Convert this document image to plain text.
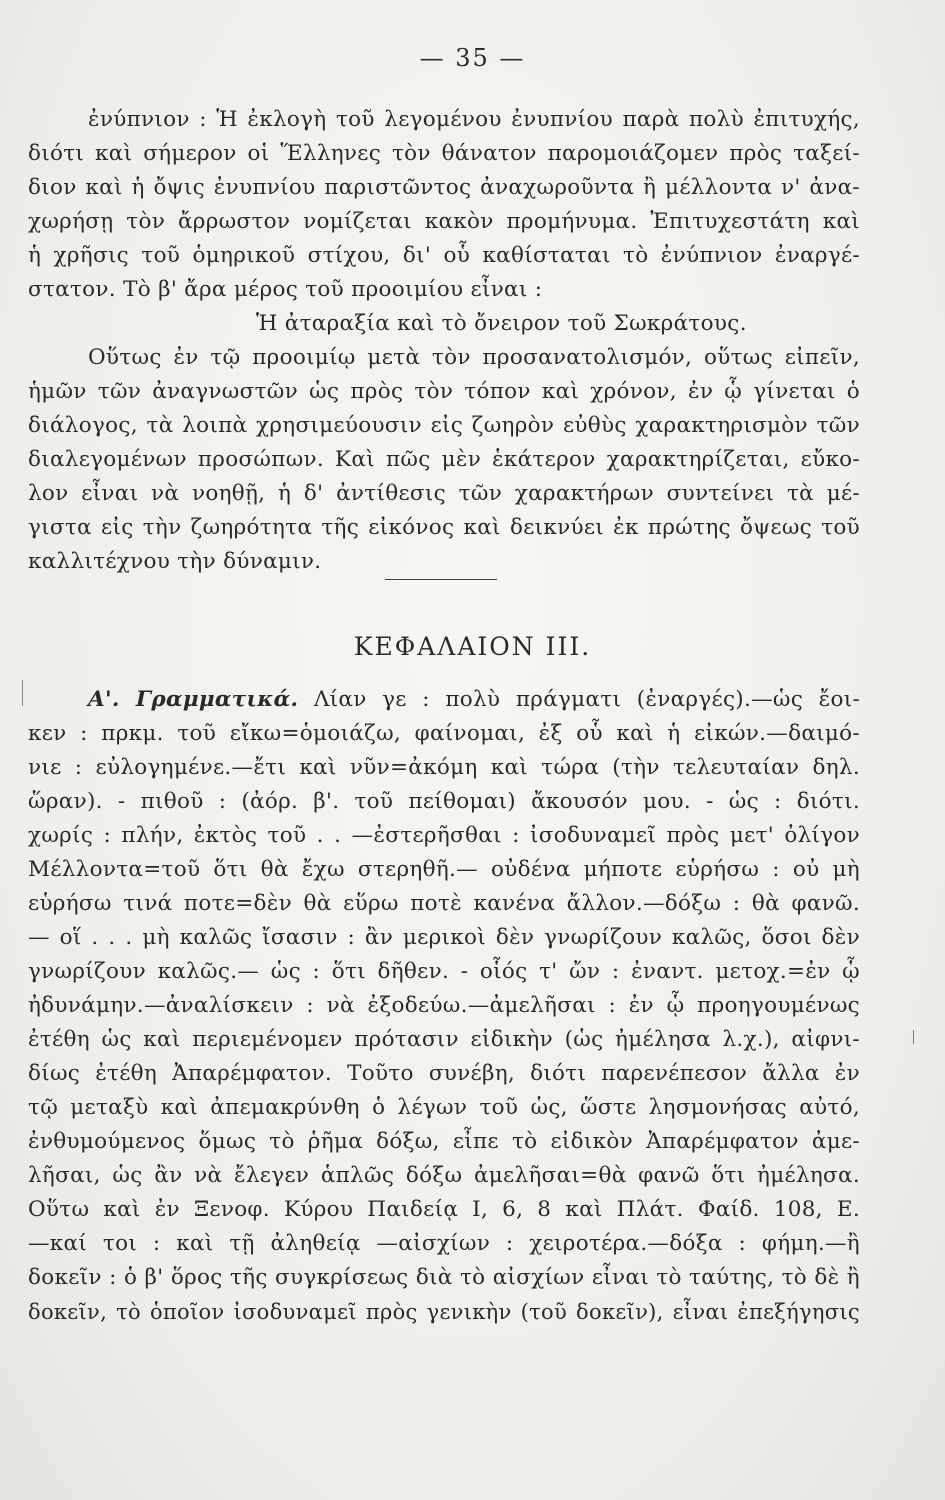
— 35 —
ἐνύπνιον : Ἡ ἐκλογὴ τοῦ λεγομένου ἐνυπνίου παρὰ πολὺ ἐπιτυχής,
διότι καὶ σήμερον οἱ Ἕλληνες τὸν θάνατον παρομοιάζομεν πρὸς ταξεί-
διον καὶ ἡ ὄψις ἐνυπνίου παριστῶντος ἀναχωροῦντα ἢ μέλλοντα ν' ἀνα-
χωρήσῃ τὸν ἄρρωστον νομίζεται κακὸν προμήνυμα. Ἐπιτυχεστάτη καὶ
ἡ χρῆσις τοῦ ὁμηρικοῦ στίχου, δι' οὗ καθίσταται τὸ ἐνύπνιον ἐναργέ-
στατον. Τὸ β' ἄρα μέρος τοῦ προοιμίου εἶναι :
Ἡ ἀταραξία καὶ τὸ ὄνειρον τοῦ Σωκράτους.
Οὕτως ἐν τῷ προοιμίῳ μετὰ τὸν προσανατολισμόν, οὕτως εἰπεῖν,
ἡμῶν τῶν ἀναγνωστῶν ὡς πρὸς τὸν τόπον καὶ χρόνον, ἐν ᾧ γίνεται ὁ
διάλογος, τὰ λοιπὰ χρησιμεύουσιν εἰς ζωηρὸν εὐθὺς χαρακτηρισμὸν τῶν
διαλεγομένων προσώπων. Καὶ πῶς μὲν ἑκάτερον χαρακτηρίζεται, εὔκο-
λον εἶναι νὰ νοηθῇ, ἡ δ' ἀντίθεσις τῶν χαρακτήρων συντείνει τὰ μέ-
γιστα εἰς τὴν ζωηρότητα τῆς εἰκόνος καὶ δεικνύει ἐκ πρώτης ὄψεως τοῦ
καλλιτέχνου τὴν δύναμιν.
ΚΕΦΑΛΑΙΟΝ ΙΙΙ.
Α'. Γραμματικά. Λίαν γε : πολὺ πράγματι (ἐναργές).—ὡς ἔοι-
κεν : πρκμ. τοῦ εἴκω=ὁμοιάζω, φαίνομαι, ἐξ οὗ καὶ ἡ εἰκών.—δαιμό-
νιε : εὐλογημένε.—ἔτι καὶ νῦν=ἀκόμη καὶ τώρα (τὴν τελευταίαν δηλ.
ὥραν). - πιθοῦ : (ἀόρ. β'. τοῦ πείθομαι) ἄκουσόν μου. - ὡς : διότι.
χωρίς : πλήν, ἐκτὸς τοῦ . . —ἐστερῆσθαι : ἰσοδυναμεῖ πρὸς μετ' ὀλίγον
Μέλλοντα=τοῦ ὅτι θὰ ἔχω στερηθῆ.— οὐδένα μήποτε εὑρήσω : οὐ μὴ
εὑρήσω τινά ποτε=δὲν θὰ εὕρω ποτὲ κανένα ἄλλον.—δόξω : θὰ φανῶ.
— οἵ . . . μὴ καλῶς ἴσασιν : ἂν μερικοὶ δὲν γνωρίζουν καλῶς, ὅσοι δὲν
γνωρίζουν καλῶς.— ὡς : ὅτι δῆθεν. - οἷός τ' ὤν : ἐναντ. μετοχ.=ἐν ᾧ
ἠδυνάμην.—ἀναλίσκειν : νὰ ἐξοδεύω.—ἀμελῆσαι : ἐν ᾧ προηγουμένως
ἐτέθη ὡς καὶ περιεμένομεν πρότασιν εἰδικὴν (ὡς ἠμέλησα λ.χ.), αἰφνι-
δίως ἐτέθη Ἀπαρέμφατον. Τοῦτο συνέβη, διότι παρενέπεσον ἄλλα ἐν
τῷ μεταξὺ καὶ ἀπεμακρύνθη ὁ λέγων τοῦ ὡς, ὥστε λησμονήσας αὐτό,
ἐνθυμούμενος ὅμως τὸ ῥῆμα δόξω, εἶπε τὸ εἰδικὸν Ἀπαρέμφατον ἀμε-
λῆσαι, ὡς ἂν νὰ ἔλεγεν ἁπλῶς δόξω ἀμελῆσαι=θὰ φανῶ ὅτι ἠμέλησα.
Οὕτω καὶ ἐν Ξενοφ. Κύρου Παιδείᾳ Ι, 6, 8 καὶ Πλάτ. Φαίδ. 108, Ε.
—καί τοι : καὶ τῇ ἀληθείᾳ —αἰσχίων : χειροτέρα.—δόξα : φήμη.—ἢ
δοκεῖν : ὁ β' ὅρος τῆς συγκρίσεως διὰ τὸ αἰσχίων εἶναι τὸ ταύτης, τὸ δὲ ἢ
δοκεῖν, τὸ ὁποῖον ἰσοδυναμεῖ πρὸς γενικὴν (τοῦ δοκεῖν), εἶναι ἐπεξήγησις
